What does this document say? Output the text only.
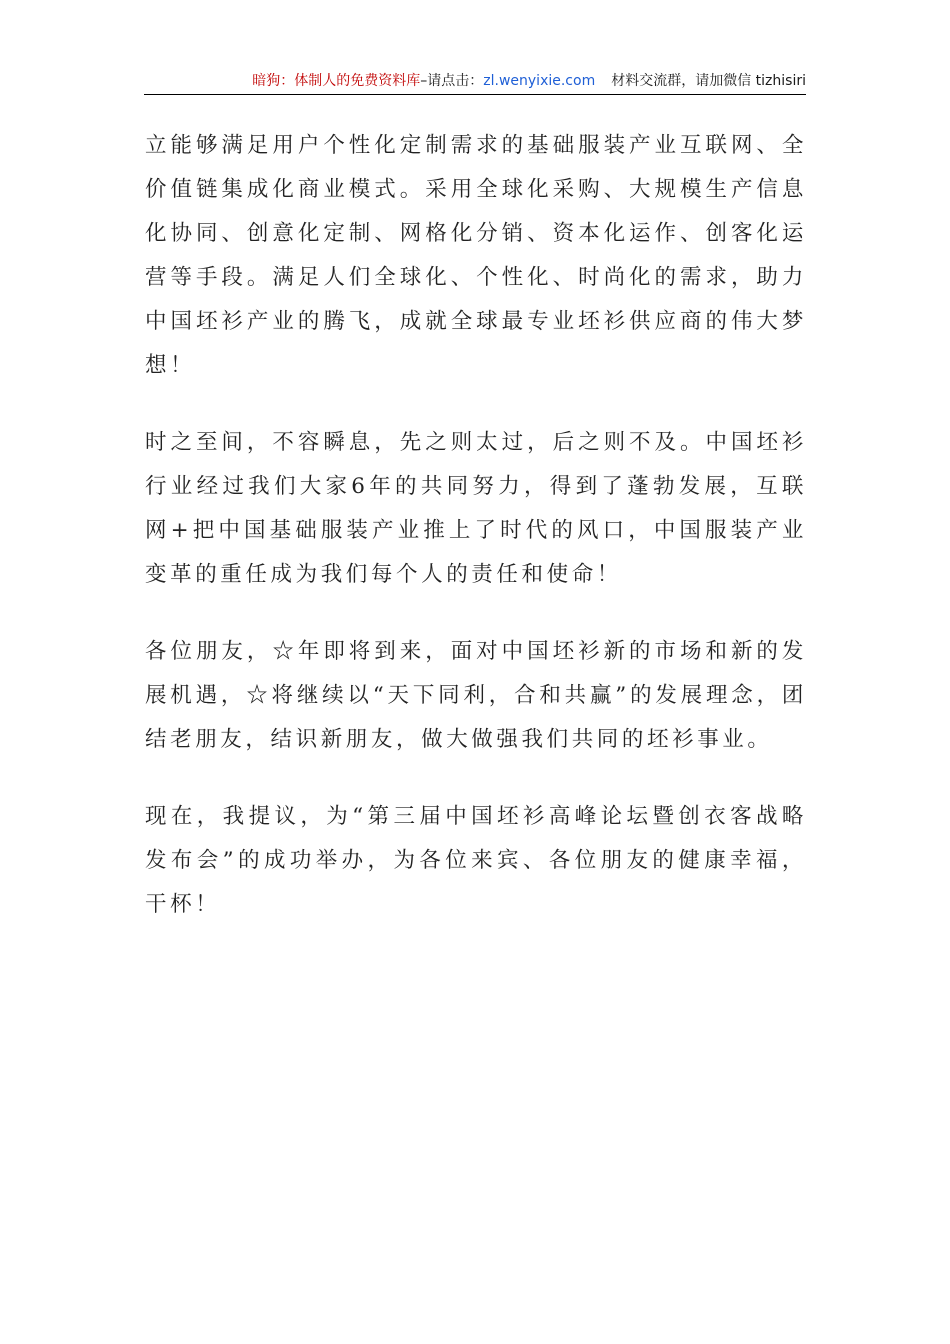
暗狗：体制人的免费资料库–请点击：zl.wenyixie.com 材料交流群，请加微信 tizhisiri

立能够满足用户个性化定制需求的基础服装产业互联网、全价值链集成化商业模式。采用全球化采购、大规模生产信息化协同、创意化定制、网格化分销、资本化运作、创客化运营等手段。满足人们全球化、个性化、时尚化的需求，助力中国坯衫产业的腾飞，成就全球最专业坯衫供应商的伟大梦想！

时之至间，不容瞬息，先之则太过，后之则不及。中国坯衫行业经过我们大家6年的共同努力，得到了蓬勃发展，互联网+把中国基础服装产业推上了时代的风口，中国服装产业变革的重任成为我们每个人的责任和使命！

各位朋友，☆年即将到来，面对中国坯衫新的市场和新的发展机遇，☆将继续以“天下同利，合和共赢”的发展理念，团结老朋友，结识新朋友，做大做强我们共同的坯衫事业。

现在，我提议，为“第三届中国坯衫高峰论坛暨创衣客战略发布会”的成功举办，为各位来宾、各位朋友的健康幸福，干杯！
